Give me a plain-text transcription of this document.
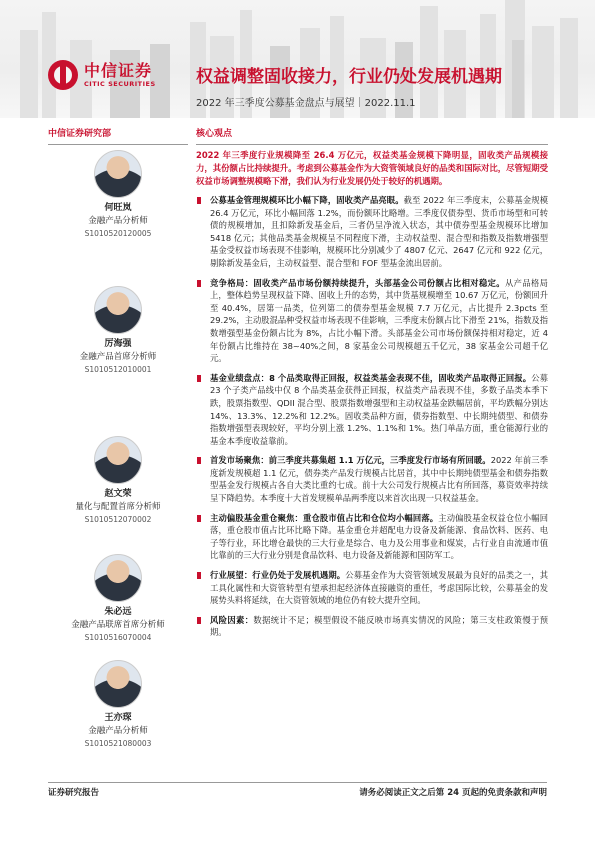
中信证券
CITIC SECURITIES 权益调整固收接力，行业仍处发展机遇期
2022 年三季度公募基金盘点与展望｜2022.11.1
中信证券研究部
何旺岚
金融产品分析师
S1010520120005
厉海强
金融产品首席分析师
S1010512010001
赵文荣
量化与配置首席分析师
S1010512070002
朱必远
金融产品联席首席分析师
S1010516070004
王亦琛
金融产品分析师
S1010521080003
核心观点
2022 年三季度行业规模降至 26.4 万亿元，权益类基金规模下降明显，固收类产品规模接力，其份额占比持续提升。考虑到公募基金作为大资管领域良好的品类和国际对比，尽管短期受权益市场调整规模略下滑，我们认为行业发展仍处于较好的机遇期。
公募基金管理规模环比小幅下降，固收类产品亮眼。截至 2022 年三季度末，公募基金规模 26.4 万亿元，环比小幅回落 1.2%，而份额环比略增。三季度仅债券型、货币市场型和可转债的规模增加，且扣除新发基金后，三者仍呈净流入状态，其中债券型基金规模环比增加 5418 亿元；其他品类基金规模呈不同程度下滑，主动权益型、混合型和指数及指数增强型基金受权益市场表现不佳影响，规模环比分别减少了 4807 亿元、2647 亿元和 922 亿元，剔除新发基金后，主动权益型、混合型和 FOF 型基金流出居前。
竞争格局：固收类产品市场份额持续提升，头部基金公司份额占比相对稳定。从产品格局上，整体趋势呈现权益下降、固收上升的态势，其中货基规模增至 10.67 万亿元，份额回升至 40.4%，居第一品类，位列第二的债券型基金规模 7.7 万亿元，占比提升 2.3pcts 至 29.2%，主动股混品种受权益市场表现不佳影响，三季度末份额占比下滑至 21%，指数及指数增强型基金份额占比为 8%，占比小幅下滑。头部基金公司市场份额保持相对稳定，近 4 年份额占比维持在 38~40%之间，8 家基金公司规模超五千亿元，38 家基金公司超千亿元。
基金业绩盘点：8 个品类取得正回报，权益类基金表现不佳，固收类产品取得正回报。公募 23 个子类产品线中仅 8 个品类基金获得正回报，权益类产品表现不佳，多数子品类本季下跌，股票指数型、QDII 混合型、股票指数增强型和主动权益基金跌幅居前，平均跌幅分别达 14%、13.3%、12.2%和 12.2%。固收类品种方面，债券指数型、中长期纯债型、和债券指数增强型表现较好，平均分别上涨 1.2%、1.1%和 1%。热门单品方面，重仓能源行业的基金本季度收益靠前。
首发市场聚焦：前三季度共募集超 1.1 万亿元，三季度发行市场有所回暖。2022 年前三季度新发规模超 1.1 亿元，债券类产品发行规模占比居首，其中中长期纯债型基金和债券指数型基金发行规模占各自大类比重约七成。前十大公司发行规模占比有所回落，募资效率持续呈下降趋势。本季度十大首发规模单品两季度以来首次出现一只权益基金。
主动偏股基金重仓聚焦：重仓股市值占比和仓位均小幅回落。主动偏股基金权益仓位小幅回落，重仓股市值占比环比略下降。基金重仓并超配电力设备及新能源、食品饮料、医药、电子等行业，环比增仓最快的三大行业是综合、电力及公用事业和煤炭，占行业自由流通市值比靠前的三大行业分别是食品饮料、电力设备及新能源和国防军工。
行业展望：行业仍处于发展机遇期。公募基金作为大资管领域发展最为良好的品类之一，其工具化属性和大资管转型有望承担起经济体直接融资的重任，考虑国际比较，公募基金的发展势头料将延续，在大资管领域的地位仍有较大提升空间。
风险因素：数据统计不足；模型假设不能反映市场真实情况的风险；第三支柱政策慢于预期。
证券研究报告	请务必阅读正文之后第 24 页起的免责条款和声明
